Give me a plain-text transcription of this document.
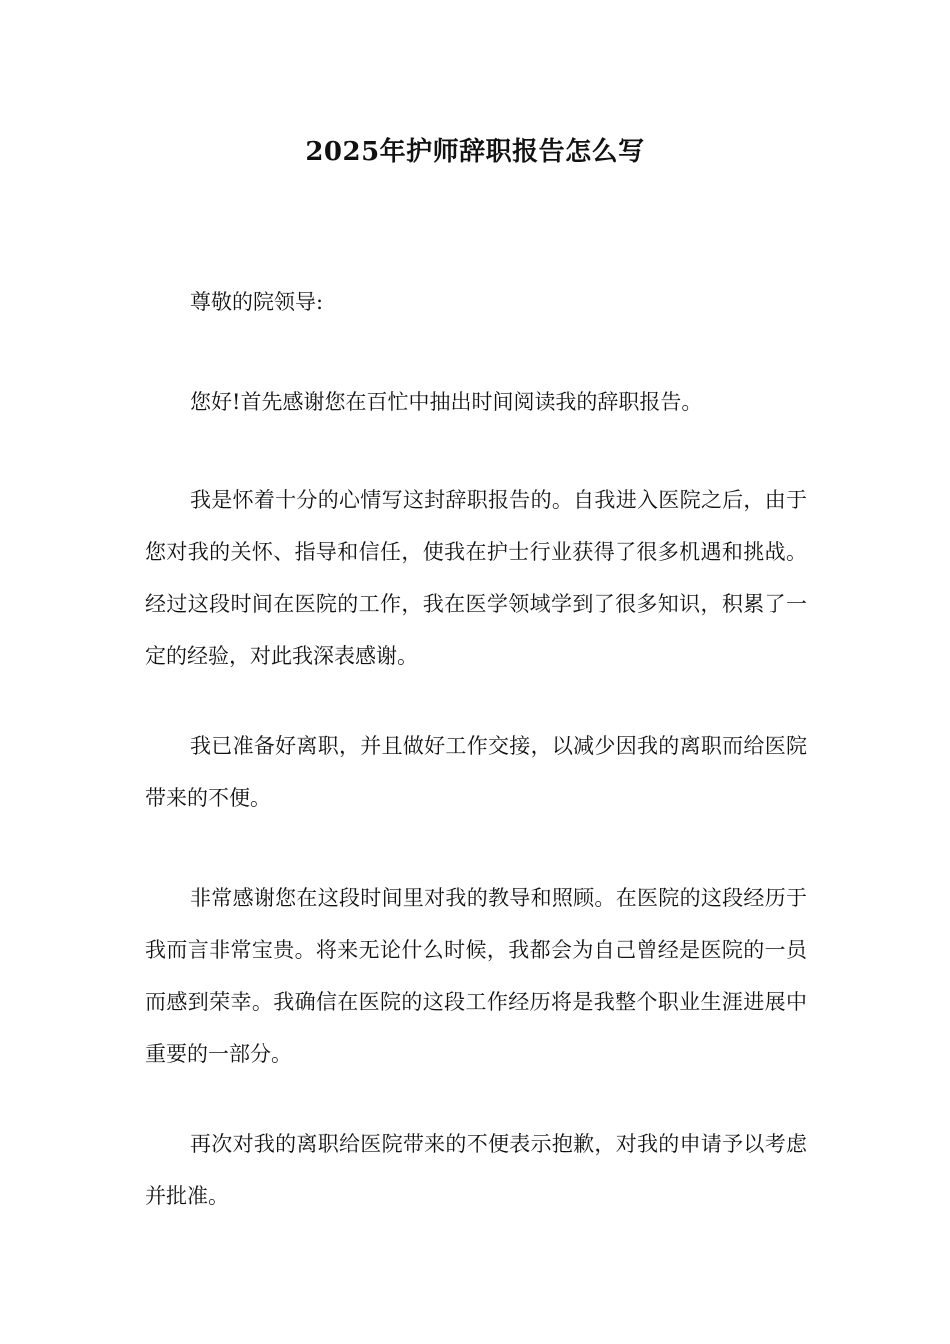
2025年护师辞职报告怎么写

尊敬的院领导:

您好!首先感谢您在百忙中抽出时间阅读我的辞职报告。

我是怀着十分的心情写这封辞职报告的。自我进入医院之后，由于您对我的关怀、指导和信任，使我在护士行业获得了很多机遇和挑战。经过这段时间在医院的工作，我在医学领域学到了很多知识，积累了一定的经验，对此我深表感谢。

我已准备好离职，并且做好工作交接，以减少因我的离职而给医院带来的不便。

非常感谢您在这段时间里对我的教导和照顾。在医院的这段经历于我而言非常宝贵。将来无论什么时候，我都会为自己曾经是医院的一员而感到荣幸。我确信在医院的这段工作经历将是我整个职业生涯进展中重要的一部分。

再次对我的离职给医院带来的不便表示抱歉，对我的申请予以考虑并批准。
